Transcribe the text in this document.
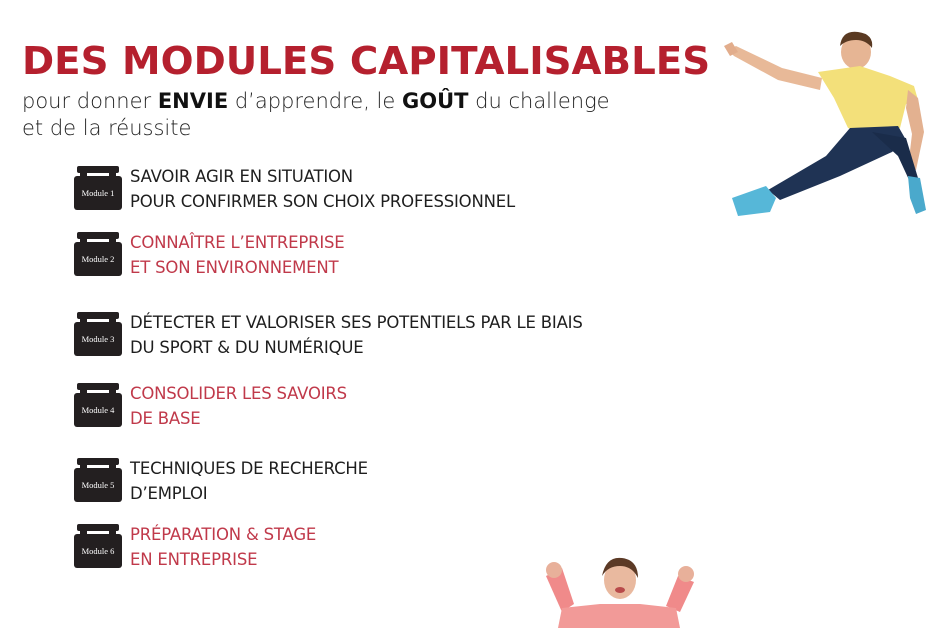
DES MODULES CAPITALISABLES
pour donner ENVIE d’apprendre, le GOÛT du challenge
et de la réussite
Module 1
SAVOIR AGIR EN SITUATION
POUR CONFIRMER SON CHOIX PROFESSIONNEL
Module 2
CONNAÎTRE L’ENTREPRISE
ET SON ENVIRONNEMENT
Module 3
DÉTECTER ET VALORISER SES POTENTIELS PAR LE BIAIS
DU SPORT & DU NUMÉRIQUE
Module 4
CONSOLIDER LES SAVOIRS
DE BASE
Module 5
TECHNIQUES DE RECHERCHE
D’EMPLOI
Module 6
PRÉPARATION & STAGE
EN ENTREPRISE
